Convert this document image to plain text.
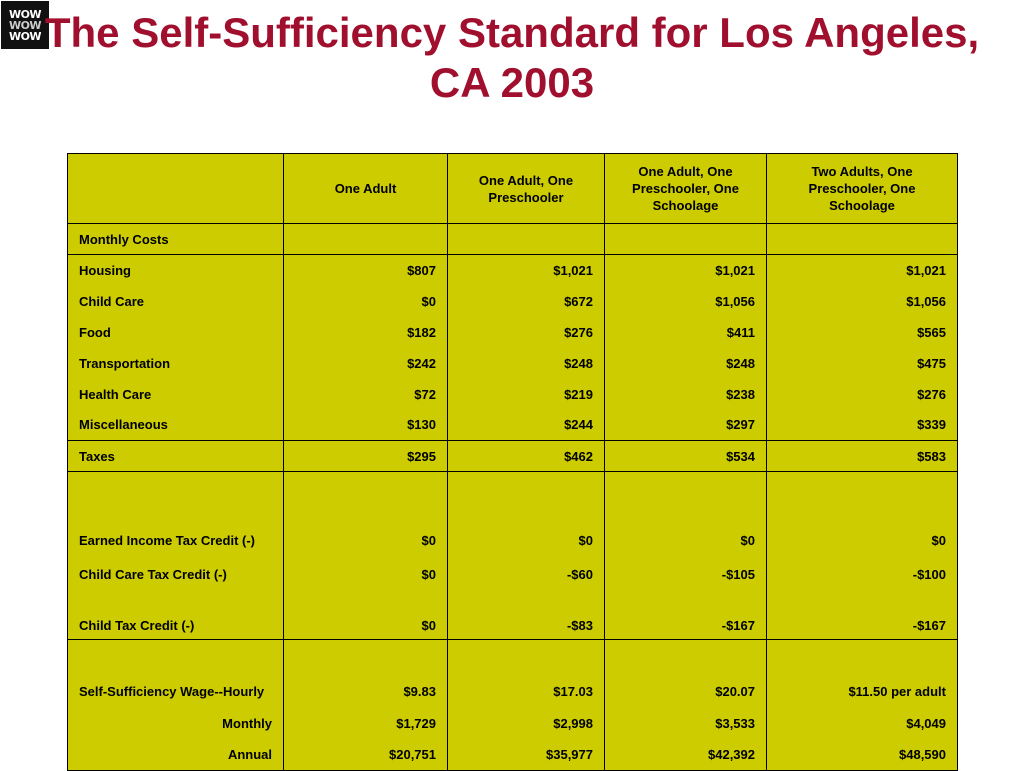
WOW
WOW
WOW The Self-Sufficiency Standard for Los Angeles, CA 2003
	One Adult	One Adult, One Preschooler	One Adult, One Preschooler, One Schoolage	Two Adults, One Preschooler, One Schoolage
Monthly Costs				
Housing	$807	$1,021	$1,021	$1,021
Child Care	$0	$672	$1,056	$1,056
Food	$182	$276	$411	$565
Transportation	$242	$248	$248	$475
Health Care	$72	$219	$238	$276
Miscellaneous	$130	$244	$297	$339
Taxes	$295	$462	$534	$583
Earned Income Tax Credit (-)	$0	$0	$0	$0
Child Care Tax Credit (-)	$0	-$60	-$105	-$100
Child Tax Credit (-)	$0	-$83	-$167	-$167
Self-Sufficiency Wage--Hourly	$9.83	$17.03	$20.07	$11.50 per adult
Monthly	$1,729	$2,998	$3,533	$4,049
Annual	$20,751	$35,977	$42,392	$48,590
